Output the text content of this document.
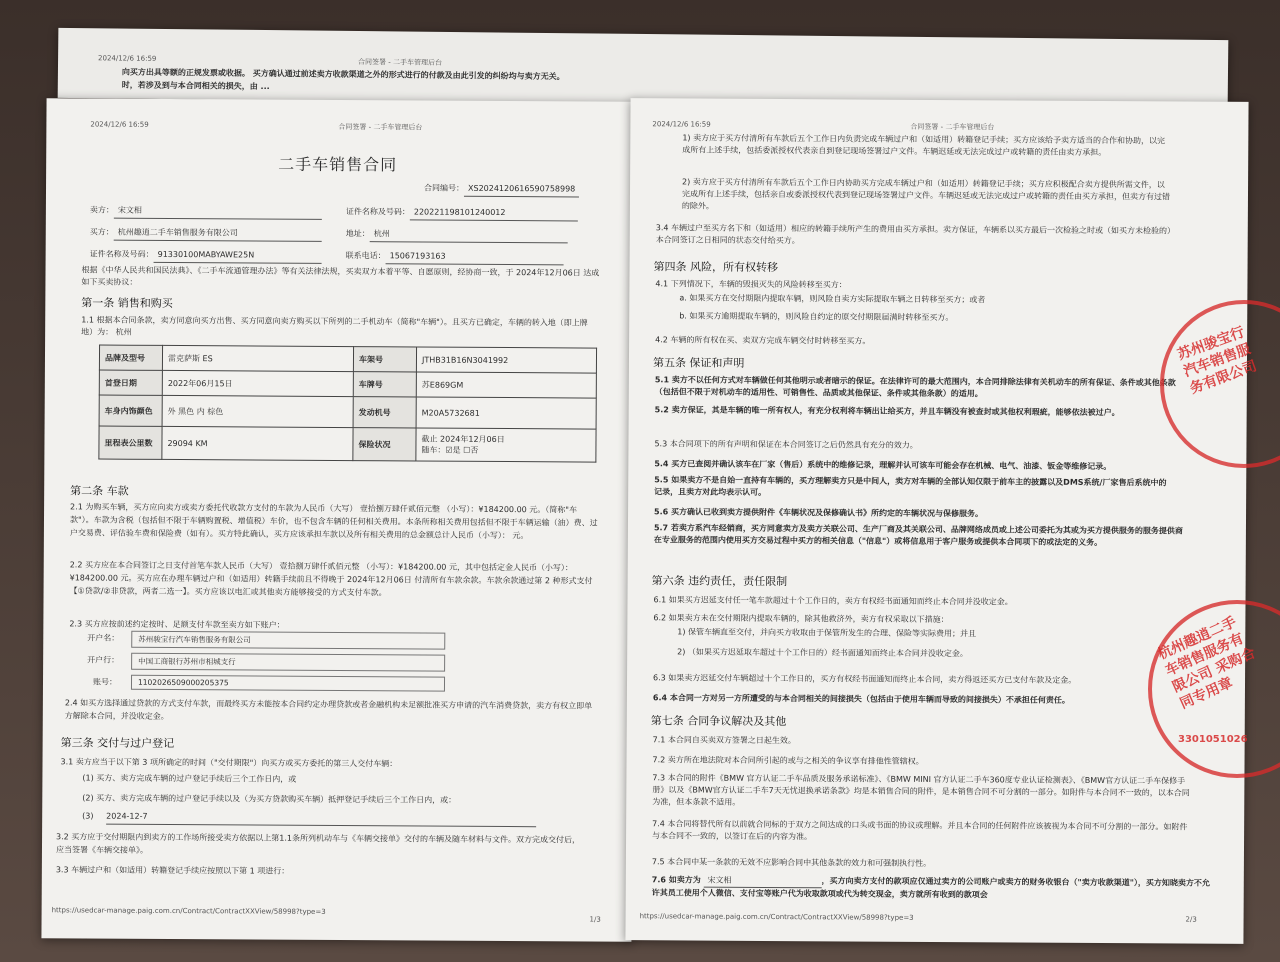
2024/12/6 16:59	合同签署 - 二手车管理后台
向买方出具等额的正规发票或收据。 买方确认通过前述卖方收款渠道之外的形式进行的付款及由此引发的纠纷均与卖方无关。
时，若涉及到与本合同相关的损失，由 ...
2024/12/6 16:59	合同签署 - 二手车管理后台
二手车销售合同
合同编号： XS20241206165907589​98
卖方： 宋文相	证件名称及号码： 220221198101240012
买方： 杭州趣逍二手车销售服务有限公司	地址： 杭州
证件名称及号码： 91330100MABYAWE25N	联系电话： 15067193163
根据《中华人民共和国民法典》、《二手车流通管理办法》等有关法律法规，买卖双方本着平等、自愿原则，经协商一致，于 2024年12月06日 达成如下买卖协议：
第一条 销售和购买
1.1 根据本合同条款，卖方同意向买方出售、买方同意向卖方购买以下所列的二手机动车（简称"车辆"）。且买方已确定，车辆的转入地（即上牌地）为： 杭州
品牌及型号	雷克萨斯 ES	车架号	JTHB31B16N3041992
首登日期	2022年06月15日	车牌号	苏E869GM
车身内饰颜色	外 黑色 内 棕色	发动机号	M20A5732681
里程表公里数	29094 KM	保险状况	截止 2024年12月06日
随车：☑是 ☐否
第二条 车款
2.1 为购买车辆，买方应向卖方或卖方委托代收款方支付的车款为人民币（大写） 壹拾捌万肆仟贰佰元整 （小写）：¥184200.00 元。（简称"车款"）。车款为含税（包括但不限于车辆购置税、增值税）车价，也不包含车辆的任何相关费用。本条所称相关费用包括但不限于车辆运输（油）费、过户交易费、评估验车费和保险费（如有）。买方特此确认，买方应该承担车款以及所有相关费用的总金额总计人民币（小写）： 元。
2.2 买方应在本合同签订之日支付首笔车款人民币（大写） 壹拾捌万肆仟贰佰元整 （小写）：¥184200.00 元，其中包括定金人民币（小写）：¥184200.00 元。买方应在办理车辆过户和（如适用）转籍手续前且不得晚于 2024年12月06日 付清所有车款余款。车款余款通过第 2 种形式支付【①贷款/②非贷款，两者二选一】。买方应该以电汇或其他卖方能够接受的方式支付车款。
2.3 买方应按前述约定按时、足额支付车款至卖方如下账户：
开户名：	苏州骏宝行汽车销售服务有限公司
开户行：	中国工商银行苏州市相城支行
账号：	1102026509000205375
2.4 如买方选择通过贷款的方式支付车款，而最终买方未能按本合同约定办理贷款或者金融机构未足额批准买方申请的汽车消费贷款，卖方有权立即单方解除本合同，并没收定金。
第三条 交付与过户登记
3.1 卖方应当于以下第 3 项所确定的时间（"交付期限"）向买方或买方委托的第三人交付车辆：
(1) 买方、卖方完成车辆的过户登记手续后三个工作日内，或
(2) 买方、卖方完成车辆的过户登记手续以及（为买方贷款购买车辆）抵押登记手续后三个工作日内，或：
(3) 2024-12-7
3.2 买方应于交付期限内到卖方的工作场所接受卖方依据以上第1.1条所列机动车与《车辆交接单》交付的车辆及随车材料与文件。双方完成交付后，应当签署《车辆交接单》。
3.3 车辆过户和（如适用）转籍登记手续应按照以下第 1 项进行：
https://usedcar-manage.paig.com.cn/Contract/ContractXXView/58998?type=3
1/3
2024/12/6 16:59	合同签署 - 二手车管理后台
1) 卖方应于买方付清所有车款后五个工作日内负责完成车辆过户和（如适用）转籍登记手续；买方应该给予卖方适当的合作和协助，以完成所有上述手续，包括委派授权代表亲自到登记现场签署过户文件。车辆迟延或无法完成过户或转籍的责任由卖方承担。
2) 卖方应于买方付清所有车款后五个工作日内协助买方完成车辆过户和（如适用）转籍登记手续；买方应积极配合卖方提供所需文件，以完成所有上述手续，包括亲自或委派授权代表到登记现场签署过户文件。车辆迟延或无法完成过户或转籍的责任由买方承担，但卖方有过错的除外。
3.4 车辆过户至买方名下和（如适用）相应的转籍手续所产生的费用由买方承担。卖方保证，车辆系以买方最后一次检验之时或（如买方未检验的）本合同签订之日相同的状态交付给买方。
第四条 风险，所有权转移
4.1 下列情况下，车辆的毁损灭失的风险转移至买方：
a. 如果买方在交付期限内提取车辆，则风险自卖方实际提取车辆之日转移至买方；或者
b. 如果买方逾期提取车辆的，则风险自约定的原交付期限届满时转移至买方。
4.2 车辆的所有权在买、卖双方完成车辆交付时转移至买方。
第五条 保证和声明
5.1 卖方不以任何方式对车辆做任何其他明示或者暗示的保证。在法律许可的最大范围内，本合同排除法律有关机动车的所有保证、条件或其他条款（包括但不限于对机动车的适用性、可销售性、品质或其他保证、条件或其他条款）的适用。
5.2 卖方保证，其是车辆的唯一所有权人，有充分权利将车辆出让给买方，并且车辆没有被查封或其他权利瑕疵，能够依法被过户。
5.3 本合同项下的所有声明和保证在本合同签订之后仍然具有充分的效力。
5.4 买方已查阅并确认该车在厂家（售后）系统中的维修记录，理解并认可该车可能会存在机械、电气、油漆、钣金等维修记录。
5.5 如果卖方不是自始一直持有车辆的，买方理解卖方只是中间人，卖方对车辆的全部认知仅限于前车主的披露以及DMS系统/厂家售后系统中的记录，且卖方对此均表示认可。
5.6 买方确认已收到卖方提供附件《车辆状况及保修确认书》所约定的车辆状况与保修服务。
5.7 若卖方系汽车经销商，买方同意卖方及卖方关联公司、生产厂商及其关联公司、品牌网络成员或上述公司委托为其或为买方提供服务的服务提供商在专业服务的范围内使用买方交易过程中买方的相关信息（"信息"）或将信息用于客户服务或提供本合同项下的或法定的义务。
第六条 违约责任，责任限制
6.1 如果买方迟延支付任一笔车款超过十个工作日的，卖方有权经书面通知而终止本合同并没收定金。
6.2 如果卖方未在交付期限内提取车辆的，除其他救济外，卖方有权采取以下措施：
1) 保管车辆直至交付，并向买方收取由于保管所发生的合理、保险等实际费用；并且
2) （如果买方迟延取车超过十个工作日的）经书面通知而终止本合同并没收定金。
6.3 如果卖方迟延交付车辆超过十个工作日的，买方有权经书面通知而终止本合同，卖方得返还买方已支付车款及定金。
6.4 本合同一方对另一方所遭受的与本合同相关的间接损失（包括由于使用车辆而导致的间接损失）不承担任何责任。
第七条 合同争议解决及其他
7.1 本合同自买卖双方签署之日起生效。
7.2 卖方所在地法院对本合同所引起的或与之相关的争议享有排他性管辖权。
7.3 本合同的附件《BMW 官方认证二手车品质及服务承诺标准》、《BMW MINI 官方认证二手车360度专业认证检测表》、《BMW官方认证二手车保修手册》以及《BMW官方认证二手车7天无忧退换承诺条款》均是本销售合同的附件，是本销售合同不可分割的一部分。如附件与本合同不一致的，以本合同为准，但本条款不适用。
7.4 本合同将替代所有以前就合同标的于双方之间达成的口头或书面的协议或理解。并且本合同的任何附件应该被视为本合同不可分割的一部分。如附件与本合同不一致的，以签订在后的内容为准。
7.5 本合同中某一条款的无效不应影响合同中其他条款的效力和可强制执行性。
7.6 如卖方为 宋文相	，买方向卖方支付的款项应仅通过卖方的公司账户或卖方的财务收银台（"卖方收款渠道"），买方知晓卖方不允许其员工使用个人微信、支付宝等账户代为收取款项或代为转交现金，卖方就所有收到的款项会
https://usedcar-manage.paig.com.cn/Contract/ContractXXView/58998?type=3	2/3
苏州骏宝行汽车销售服务有限公司
杭州趣逍二手车销售服务有限公司 采购合同专用章
3301051026
